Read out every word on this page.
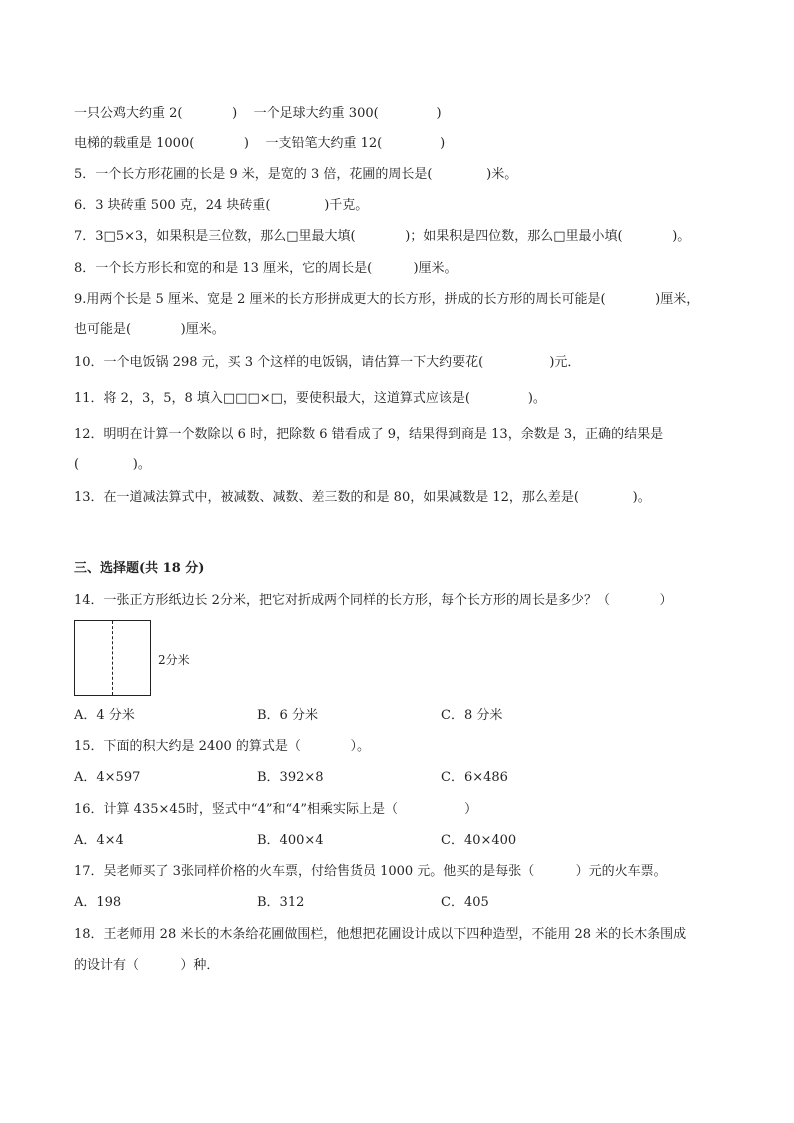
一只公鸡大约重 2(            )    一个足球大约重 300(              )
电梯的载重是 1000(            )    一支铅笔大约重 12(              )
5．一个长方形花圃的长是 9 米，是宽的 3 倍，花圃的周长是(             )米。
6．3 块砖重 500 克，24 块砖重(             )千克。
7．3□5×3，如果积是三位数，那么□里最大填(            )；如果积是四位数，那么□里最小填(            )。
8．一个长方形长和宽的和是 13 厘米，它的周长是(          )厘米。
9.用两个长是 5 厘米、宽是 2 厘米的长方形拼成更大的长方形，拼成的长方形的周长可能是(            )厘米，
也可能是(            )厘米。
10．一个电饭锅 298 元，买 3 个这样的电饭锅，请估算一下大约要花(                )元．
11．将 2，3，5，8 填入□□□×□，要使积最大，这道算式应该是(              )。
12．明明在计算一个数除以 6 时，把除数 6 错看成了 9，结果得到商是 13，余数是 3，正确的结果是
(             )。
13．在一道减法算式中，被减数、减数、差三数的和是 80，如果减数是 12，那么差是(             )。
三、选择题(共 18 分)
14．一张正方形纸边长 2分米，把它对折成两个同样的长方形，每个长方形的周长是多少？（            ）
2分米
A．4 分米	B．6 分米	C．8 分米
15．下面的积大约是 2400 的算式是（            ）。
A．4×597	B．392×8	C．6×486
16．计算 435×45时，竖式中“4”和“4”相乘实际上是（                ）
A．4×4	B．400×4	C．40×400
17．吴老师买了 3张同样价格的火车票，付给售货员 1000 元。他买的是每张（          ）元的火车票。
A．198	B．312	C．405
18．王老师用 28 米长的木条给花圃做围栏，他想把花圃设计成以下四种造型，不能用 28 米的长木条围成
的设计有（          ）种．
